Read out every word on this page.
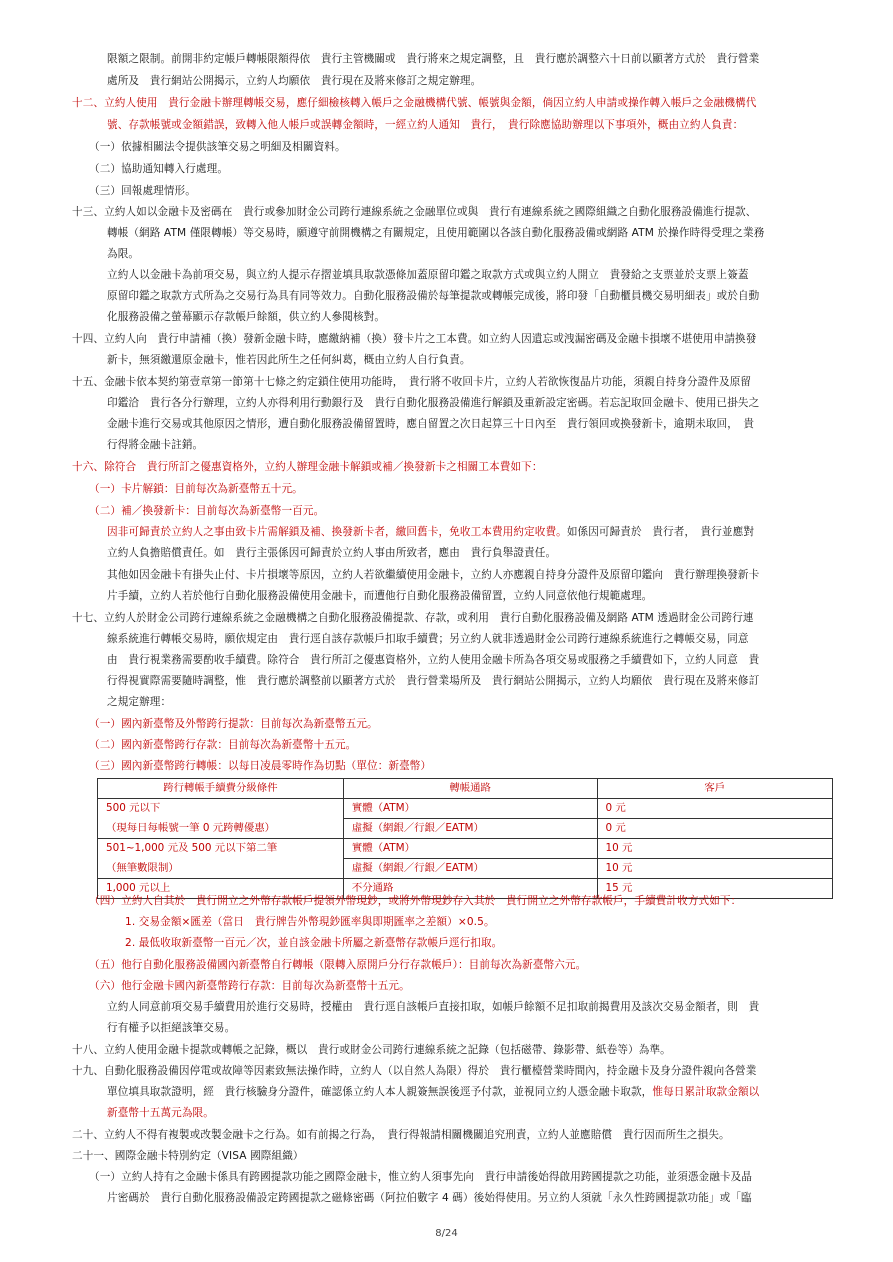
限額之限制。前開非約定帳戶轉帳限額得依　貴行主管機關或　貴行將來之規定調整，且　貴行應於調整六十日前以顯著方式於　貴行營業
處所及　貴行網站公開揭示，立約人均願依　貴行現在及將來修訂之規定辦理。
十二、立約人使用　貴行金融卡辦理轉帳交易，應仔細檢核轉入帳戶之金融機構代號、帳號與金額，倘因立約人申請或操作轉入帳戶之金融機構代
號、存款帳號或金額錯誤，致轉入他人帳戶或誤轉金額時，一經立約人通知　貴行，　貴行除應協助辦理以下事項外，概由立約人負責：
（一）依據相關法令提供該筆交易之明細及相關資料。
（二）協助通知轉入行處理。
（三）回報處理情形。
十三、立約人如以金融卡及密碼在　貴行或參加財金公司跨行連線系統之金融單位或與　貴行有連線系統之國際組織之自動化服務設備進行提款、
轉帳（網路 ATM 僅限轉帳）等交易時，願遵守前開機構之有關規定，且使用範圍以各該自動化服務設備或網路 ATM 於操作時得受理之業務
為限。
立約人以金融卡為前項交易，與立約人提示存摺並填具取款憑條加蓋原留印鑑之取款方式或與立約人開立　貴發給之支票並於支票上簽蓋
原留印鑑之取款方式所為之交易行為具有同等效力。自動化服務設備於每筆提款或轉帳完成後，將印發「自動櫃員機交易明細表」或於自動
化服務設備之螢幕顯示存款帳戶餘額，供立約人參閱核對。
十四、立約人向　貴行申請補（換）發新金融卡時，應繳納補（換）發卡片之工本費。如立約人因遺忘或洩漏密碼及金融卡損壞不堪使用申請換發
新卡，無須繳還原金融卡，惟若因此所生之任何糾葛，概由立約人自行負責。
十五、金融卡依本契約第壹章第一節第十七條之約定鎖住使用功能時，　貴行將不收回卡片，立約人若欲恢復晶片功能，須親自持身分證件及原留
印鑑洽　貴行各分行辦理，立約人亦得利用行動銀行及　貴行自動化服務設備進行解鎖及重新設定密碼。若忘記取回金融卡、使用已掛失之
金融卡進行交易或其他原因之情形，遭自動化服務設備留置時，應自留置之次日起算三十日內至　貴行領回或換發新卡，逾期未取回，　貴
行得將金融卡註銷。
十六、除符合　貴行所訂之優惠資格外，立約人辦理金融卡解鎖或補／換發新卡之相關工本費如下：
（一）卡片解鎖：目前每次為新臺幣五十元。
（二）補／換發新卡：目前每次為新臺幣一百元。
因非可歸責於立約人之事由致卡片需解鎖及補、換發新卡者，繳回舊卡，免收工本費用約定收費。如係因可歸責於　貴行者，　貴行並應對
立約人負擔賠償責任。如　貴行主張係因可歸責於立約人事由所致者，應由　貴行負舉證責任。
其他如因金融卡有掛失止付、卡片損壞等原因，立約人若欲繼續使用金融卡，立約人亦應親自持身分證件及原留印鑑向　貴行辦理換發新卡
片手續，立約人若於他行自動化服務設備使用金融卡，而遭他行自動化服務設備留置，立約人同意依他行規範處理。
十七、立約人於財金公司跨行連線系統之金融機構之自動化服務設備提款、存款，或利用　貴行自動化服務設備及網路 ATM 透過財金公司跨行連
線系統進行轉帳交易時，願依規定由　貴行逕自該存款帳戶扣取手續費；另立約人就非透過財金公司跨行連線系統進行之轉帳交易，同意
由　貴行視業務需要酌收手續費。除符合　貴行所訂之優惠資格外，立約人使用金融卡所為各項交易或服務之手續費如下，立約人同意　貴
行得視實際需要隨時調整，惟　貴行應於調整前以顯著方式於　貴行營業場所及　貴行網站公開揭示，立約人均願依　貴行現在及將來修訂
之規定辦理：
（一）國內新臺幣及外幣跨行提款：目前每次為新臺幣五元。
（二）國內新臺幣跨行存款：目前每次為新臺幣十五元。
（三）國內新臺幣跨行轉帳：以每日凌晨零時作為切點（單位：新臺幣）
跨行轉帳手續費分級條件	轉帳通路	客戶
500 元以下	實體（ATM）	0 元
（現每日每帳號一筆 0 元跨轉優惠）	虛擬（網銀／行銀／EATM）	0 元
501~1,000 元及 500 元以下第二筆	實體（ATM）	10 元
（無筆數限制）	虛擬（網銀／行銀／EATM）	10 元
1,000 元以上	不分通路	15 元
（四）立約人自其於　貴行開立之外幣存款帳戶提領外幣現鈔，或將外幣現鈔存入其於　貴行開立之外幣存款帳戶，手續費計收方式如下：
1. 交易金額×匯差（當日　貴行牌告外幣現鈔匯率與即期匯率之差額）×0.5。
2. 最低收取新臺幣一百元／次，並自該金融卡所屬之新臺幣存款帳戶逕行扣取。
（五）他行自動化服務設備國內新臺幣自行轉帳（限轉入原開戶分行存款帳戶）：目前每次為新臺幣六元。
（六）他行金融卡國內新臺幣跨行存款：目前每次為新臺幣十五元。
立約人同意前項交易手續費用於進行交易時，授權由　貴行逕自該帳戶直接扣取，如帳戶餘額不足扣取前揭費用及該次交易金額者，則　貴
行有權予以拒絕該筆交易。
十八、立約人使用金融卡提款或轉帳之記錄，概以　貴行或財金公司跨行連線系統之記錄（包括磁帶、錄影帶、紙卷等）為準。
十九、自動化服務設備因停電或故障等因素致無法操作時，立約人（以自然人為限）得於　貴行櫃檯營業時間內，持金融卡及身分證件親向各營業
單位填具取款證明，經　貴行核驗身分證件，確認係立約人本人親簽無誤後逕予付款，並視同立約人憑金融卡取款，惟每日累計取款金額以
新臺幣十五萬元為限。
二十、立約人不得有複製或改製金融卡之行為。如有前揭之行為，　貴行得報請相關機關追究刑責，立約人並應賠償　貴行因而所生之損失。
二十一、國際金融卡特別約定（VISA 國際組織）
（一）立約人持有之金融卡係具有跨國提款功能之國際金融卡，惟立約人須事先向　貴行申請後始得啟用跨國提款之功能，並須憑金融卡及晶
片密碼於　貴行自動化服務設備設定跨國提款之磁條密碼（阿拉伯數字 4 碼）後始得使用。另立約人須就「永久性跨國提款功能」或「臨
8/24
